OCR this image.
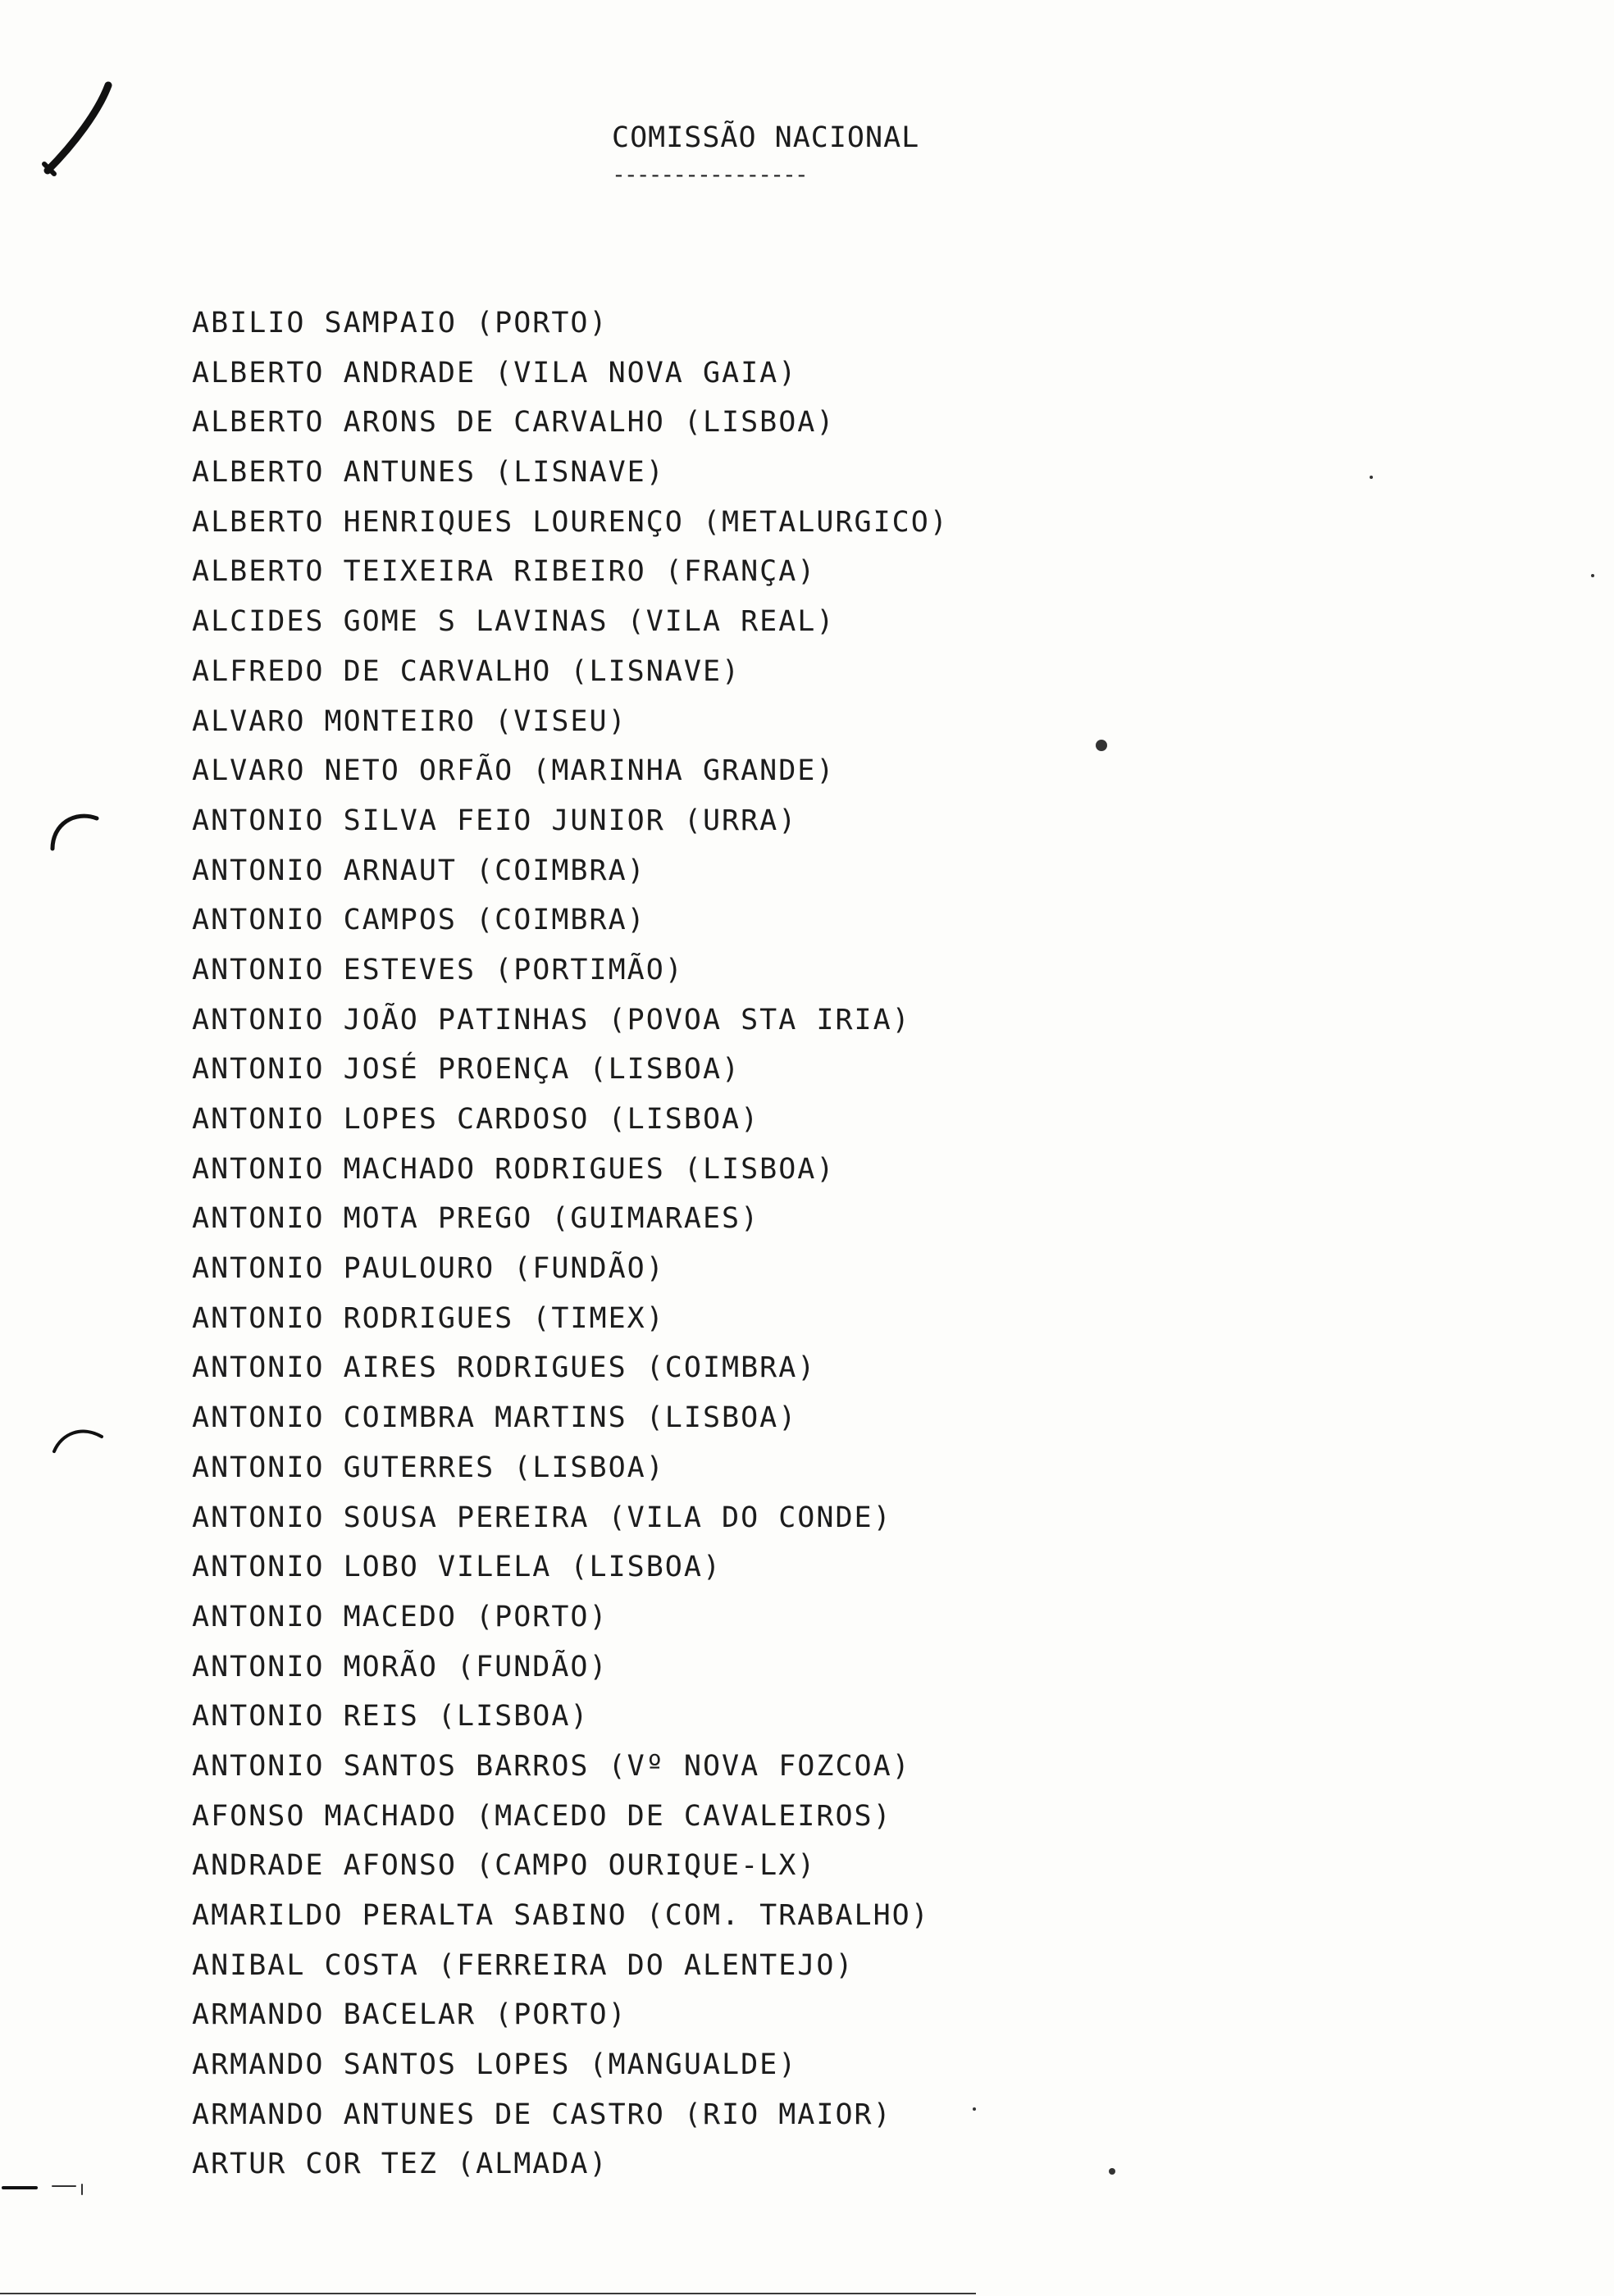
COMISSÃO NACIONAL
----------------
ABILIO SAMPAIO (PORTO)
ALBERTO ANDRADE (VILA NOVA GAIA)
ALBERTO ARONS DE CARVALHO (LISBOA)
ALBERTO ANTUNES (LISNAVE)
ALBERTO HENRIQUES LOURENÇO (METALURGICO)
ALBERTO TEIXEIRA RIBEIRO (FRANÇA)
ALCIDES GOME S LAVINAS (VILA REAL)
ALFREDO DE CARVALHO (LISNAVE)
ALVARO MONTEIRO (VISEU)
ALVARO NETO ORFÃO (MARINHA GRANDE)
ANTONIO SILVA FEIO JUNIOR (URRA)
ANTONIO ARNAUT (COIMBRA)
ANTONIO CAMPOS (COIMBRA)
ANTONIO ESTEVES (PORTIMÃO)
ANTONIO JOÃO PATINHAS (POVOA STA IRIA)
ANTONIO JOSÉ PROENÇA (LISBOA)
ANTONIO LOPES CARDOSO (LISBOA)
ANTONIO MACHADO RODRIGUES (LISBOA)
ANTONIO MOTA PREGO (GUIMARAES)
ANTONIO PAULOURO (FUNDÃO)
ANTONIO RODRIGUES (TIMEX)
ANTONIO AIRES RODRIGUES (COIMBRA)
ANTONIO COIMBRA MARTINS (LISBOA)
ANTONIO GUTERRES (LISBOA)
ANTONIO SOUSA PEREIRA (VILA DO CONDE)
ANTONIO LOBO VILELA (LISBOA)
ANTONIO MACEDO (PORTO)
ANTONIO MORÃO (FUNDÃO)
ANTONIO REIS (LISBOA)
ANTONIO SANTOS BARROS (Vº NOVA FOZCOA)
AFONSO MACHADO (MACEDO DE CAVALEIROS)
ANDRADE AFONSO (CAMPO OURIQUE-LX)
AMARILDO PERALTA SABINO (COM. TRABALHO)
ANIBAL COSTA (FERREIRA DO ALENTEJO)
ARMANDO BACELAR (PORTO)
ARMANDO SANTOS LOPES (MANGUALDE)
ARMANDO ANTUNES DE CASTRO (RIO MAIOR)
ARTUR COR TEZ (ALMADA)
